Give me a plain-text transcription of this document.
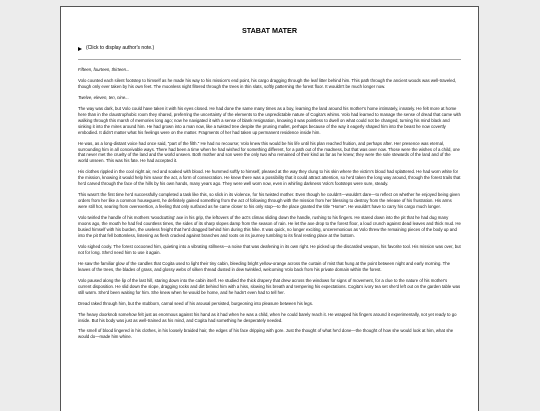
STABAT MATER
(Click to display author's note.)

Fifteen, fourteen, thirteen...

Volo counted each silent footstep to himself as he made his way to his mission's end point, his cargo dragging through the leaf litter behind him. This path through the ancient woods was well-traveled, though only ever taken by his own feet. The moonless night filtered through the trees in thin slats, softly patterning the forest floor. It wouldn't be much longer now.

Twelve, eleven, ten, nine...

The way was dark, but Volo could have taken it with his eyes closed. He had done the same many times as a boy, learning the land around his mother's home intimately, innately. He felt more at home here than in the claustrophobic room they shared, preferring the uncertainty of the elements to the unpredictable nature of Cogita's whims. Volo had learned to manage the sense of dread that came with walking through this marsh of memories long ago; now he navigated it with a sense of blank resignation, knowing it was pointless to dwell on what could not be changed, turning his mind black and sinking it into the mires around him. He had grown into a man now, like a twisted tree despite the pruning mallet, perhaps because of the way it eagerly shaped him into the beast he now covertly embodied. It didn't matter what his feelings were on the matter. Fragments of her had taken up permanent residence inside him.

He was, as a long-distant voice had once said, "part of the filth." He had no recourse; Volo knew this would be his life until his plan reached fruition, and perhaps after. Her presence was eternal, surrounding him in all conceivable ways. There had been a time when he had wished for something different, for a path out of the madness, but that was over now. Those were the wishes of a child, one that never met the cruelty of the land and the world unseen. Both mother and son were the only two who remained of their kind as far as he knew; they were the sole stewards of the land and of the world unseen. This was his fate. He had accepted it.

His clothes rippled in the cool night air, red and soaked with blood. He hummed softly to himself, pleased at the way they clung to his skin where the victim's blood had splattered. He had worn white for the mission, knowing it would help him savor the act, a form of consecration. He knew there was a possibility that it could attract attention, so he'd taken the long way around, through the forest trails that he'd carved through the face of the hills by his own hands, many years ago. They were well worn now, even in whirling darkness Volo's footsteps were sure, steady.

This wasn't the first time he'd successfully completed a task like this, so slick in its violence, for his twisted mother. Even though he couldn't—wouldn't dare—to reflect on whether he enjoyed being given orders from her like a common houseguest, he definitely gained something from the act of following through with the mission from her blessing to destroy from the release of his frustration. His arms were still hot, searing from overexertion, a feeling that only surfaced as he came closer to his only stop—to the place granted the title "Home". He wouldn't have to carry his cargo much longer.

Volo twirled the handle of his mothers 'woodcutting' axe in his grip, the leftovers of the act's climax sliding down the handle, rushing to his fingers. He stared down into the pit that he had dug many moons ago, the mouth he had fed countless times, the sides of its sharp slopes damp from the season of rain. He let the axe drop to the forest floor, a loud crunch against dead leaves and thick mud. He busied himself with his burden, the useless freight that he'd dragged behind him during this hike. It was quick, no longer exciting, unceremonious as Volo threw the remaining pieces of the body up and into the pit that fell bottomless, listening as flesh cracked against branches and roots on its journey tumbling to its final resting place at the bottom.

Volo sighed cooly. The forest cocooned him, quieting into a vibrating stillness—a noise that was deafening in its own right. He picked up the discarded weapon, his favorite tool. His mission was over, but not for long. She'd need him to use it again.

He saw the familiar glow of the candles that Cogita used to light their tiny cabin, bleeding bright yellow-orange across the curtain of mist that hung at the point between night and early morning. The leaves of the trees, the blades of grass, and glossy webs of silken thread dusted in dew twinkled, welcoming Volo back from his private domain within the forest.

Volo paused along the lip of the last hill, staring down into the cabin itself. He studied the thick drapery that drew across the windows for signs of movement, for a clue to the nature of his mother's current disposition. He slid down the slope, dragging rocks and dirt behind him with a hiss, slowing his breath and tempering his expectations. Cogita's ivory tea set she'd left out on the garden table was still warm. She'd been waiting for him. She knew when he would be home, and he hadn't even had to tell her.

Dread raked through him, but the stubborn, carnal seed of his arousal persisted, burgeoning into pleasure between his legs.

The heavy doorknob somehow felt just as enormous against his hand as it had when he was a child, when he could barely reach it. He wrapped his fingers around it experimentally, not yet ready to go inside. But his body was just as well-trained as his mind, and Cogita had something he desperately needed.

The smell of blood lingered in his clothes, in his loosely braided hair, the edges of his face dripping with gore. Just the thought of what he'd done—the thought of how she would look at him, what she would do—made him whine.
